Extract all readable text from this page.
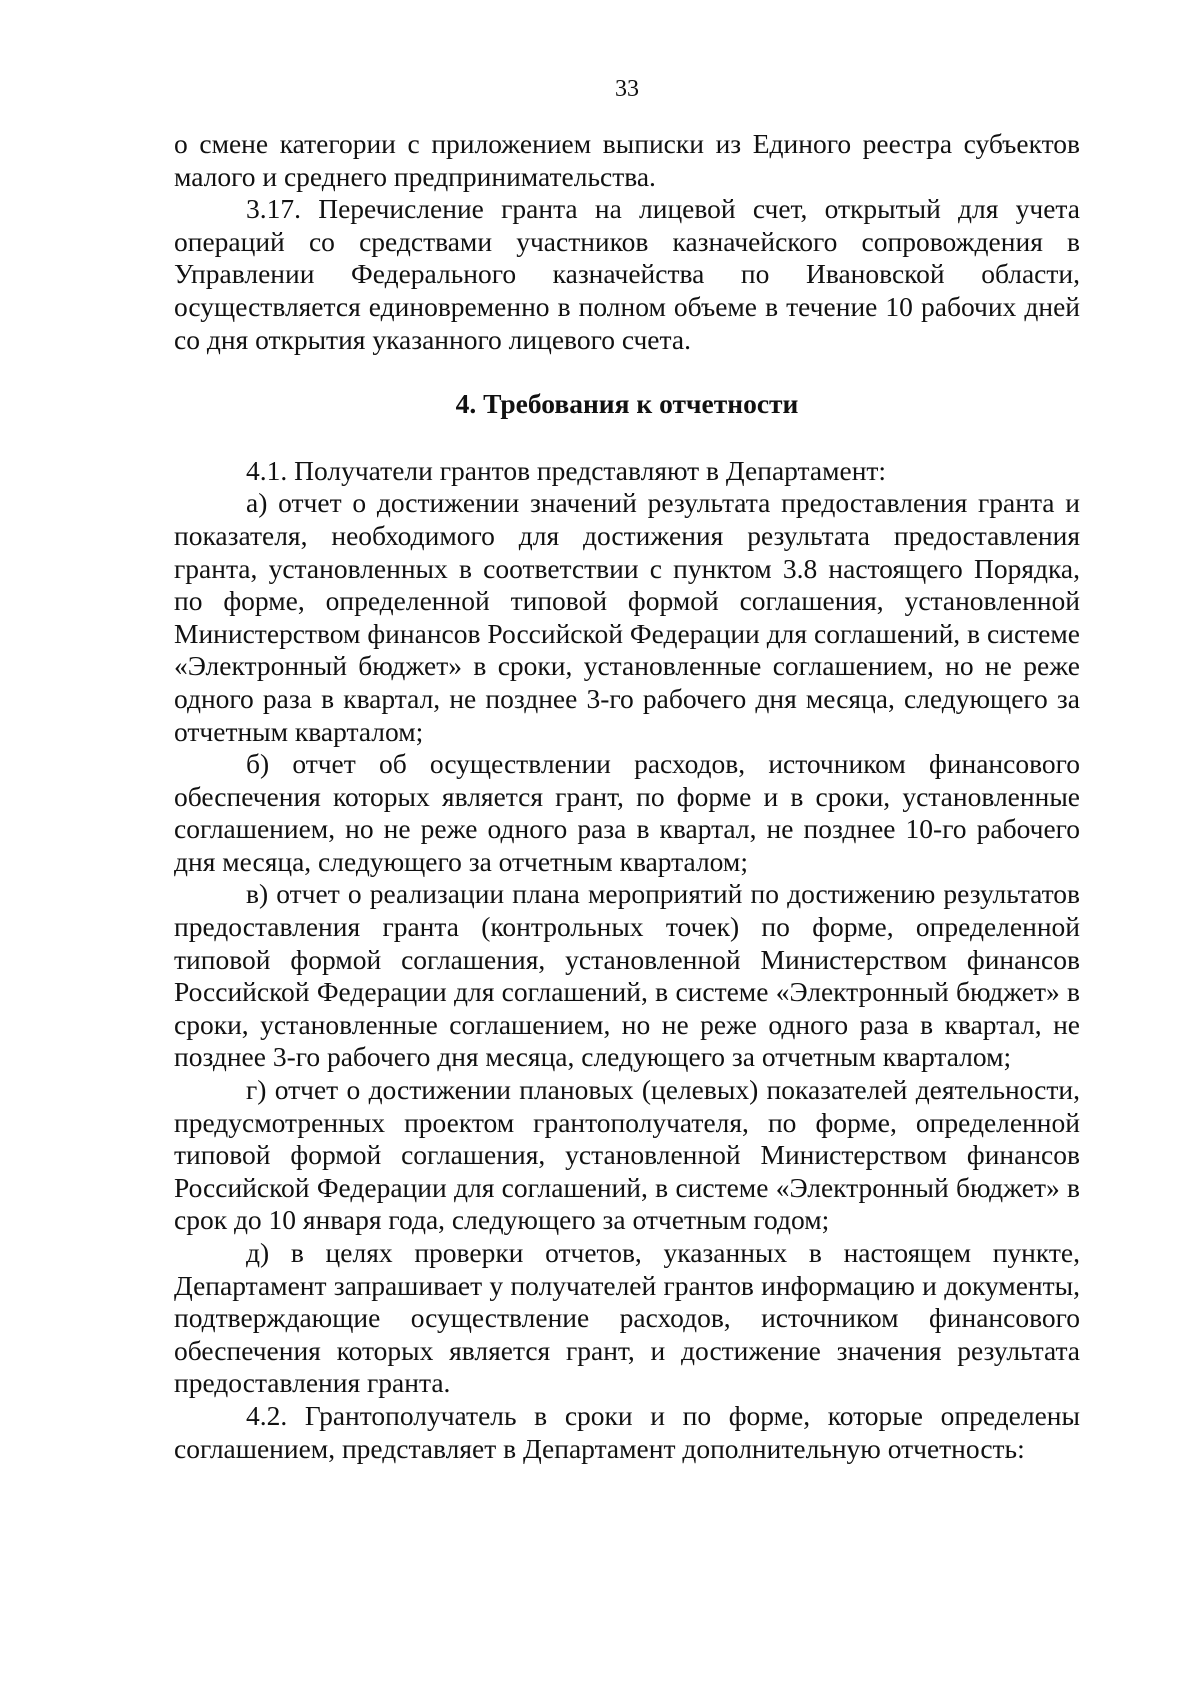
33

о смене категории с приложением выписки из Единого реестра субъектов малого и среднего предпринимательства.

3.17. Перечисление гранта на лицевой счет, открытый для учета операций со средствами участников казначейского сопровождения в Управлении Федерального казначейства по Ивановской области, осуществляется единовременно в полном объеме в течение 10 рабочих дней со дня открытия указанного лицевого счета.

4. Требования к отчетности

4.1. Получатели грантов представляют в Департамент:

а) отчет о достижении значений результата предоставления гранта и показателя, необходимого для достижения результата предоставления гранта, установленных в соответствии с пунктом 3.8 настоящего Порядка, по форме, определенной типовой формой соглашения, установленной Министерством финансов Российской Федерации для соглашений, в системе «Электронный бюджет» в сроки, установленные соглашением, но не реже одного раза в квартал, не позднее 3-го рабочего дня месяца, следующего за отчетным кварталом;

б) отчет об осуществлении расходов, источником финансового обеспечения которых является грант, по форме и в сроки, установленные соглашением, но не реже одного раза в квартал, не позднее 10-го рабочего дня месяца, следующего за отчетным кварталом;

в) отчет о реализации плана мероприятий по достижению результатов предоставления гранта (контрольных точек) по форме, определенной типовой формой соглашения, установленной Министерством финансов Российской Федерации для соглашений, в системе «Электронный бюджет» в сроки, установленные соглашением, но не реже одного раза в квартал, не позднее 3-го рабочего дня месяца, следующего за отчетным кварталом;

г) отчет о достижении плановых (целевых) показателей деятельности, предусмотренных проектом грантополучателя, по форме, определенной типовой формой соглашения, установленной Министерством финансов Российской Федерации для соглашений, в системе «Электронный бюджет» в срок до 10 января года, следующего за отчетным годом;

д) в целях проверки отчетов, указанных в настоящем пункте, Департамент запрашивает у получателей грантов информацию и документы, подтверждающие осуществление расходов, источником финансового обеспечения которых является грант, и достижение значения результата предоставления гранта.

4.2. Грантополучатель в сроки и по форме, которые определены соглашением, представляет в Департамент дополнительную отчетность:
